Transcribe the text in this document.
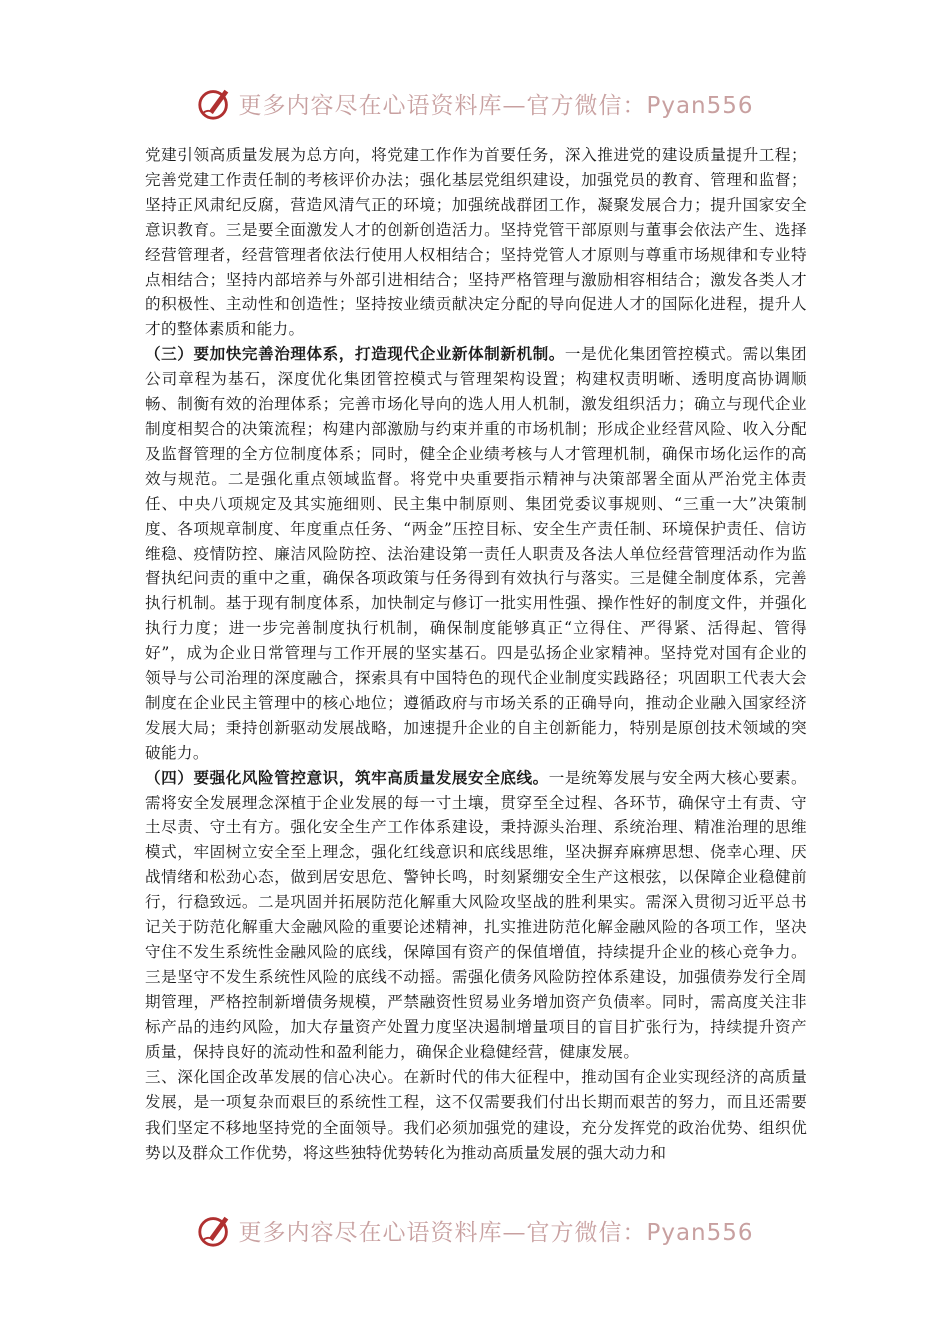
更多内容尽在心语资料库—官方微信：Pyan556

党建引领高质量发展为总方向，将党建工作作为首要任务，深入推进党的建设质量提升工程；完善党建工作责任制的考核评价办法；强化基层党组织建设，加强党员的教育、管理和监督；坚持正风肃纪反腐，营造风清气正的环境；加强统战群团工作，凝聚发展合力；提升国家安全意识教育。三是要全面激发人才的创新创造活力。坚持党管干部原则与董事会依法产生、选择经营管理者，经营管理者依法行使用人权相结合；坚持党管人才原则与尊重市场规律和专业特点相结合；坚持内部培养与外部引进相结合；坚持严格管理与激励相容相结合；激发各类人才的积极性、主动性和创造性；坚持按业绩贡献决定分配的导向促进人才的国际化进程，提升人才的整体素质和能力。

（三）要加快完善治理体系，打造现代企业新体制新机制。一是优化集团管控模式。需以集团公司章程为基石，深度优化集团管控模式与管理架构设置；构建权责明晰、透明度高协调顺畅、制衡有效的治理体系；完善市场化导向的选人用人机制，激发组织活力；确立与现代企业制度相契合的决策流程；构建内部激励与约束并重的市场机制；形成企业经营风险、收入分配及监督管理的全方位制度体系；同时，健全企业绩考核与人才管理机制，确保市场化运作的高效与规范。二是强化重点领域监督。将党中央重要指示精神与决策部署全面从严治党主体责任、中央八项规定及其实施细则、民主集中制原则、集团党委议事规则、“三重一大”决策制度、各项规章制度、年度重点任务、“两金”压控目标、安全生产责任制、环境保护责任、信访维稳、疫情防控、廉洁风险防控、法治建设第一责任人职责及各法人单位经营管理活动作为监督执纪问责的重中之重，确保各项政策与任务得到有效执行与落实。三是健全制度体系，完善执行机制。基于现有制度体系，加快制定与修订一批实用性强、操作性好的制度文件，并强化执行力度；进一步完善制度执行机制，确保制度能够真正“立得住、严得紧、活得起、管得好”，成为企业日常管理与工作开展的坚实基石。四是弘扬企业家精神。坚持党对国有企业的领导与公司治理的深度融合，探索具有中国特色的现代企业制度实践路径；巩固职工代表大会制度在企业民主管理中的核心地位；遵循政府与市场关系的正确导向，推动企业融入国家经济发展大局；秉持创新驱动发展战略，加速提升企业的自主创新能力，特别是原创技术领域的突破能力。

（四）要强化风险管控意识，筑牢高质量发展安全底线。一是统筹发展与安全两大核心要素。需将安全发展理念深植于企业发展的每一寸土壤，贯穿至全过程、各环节，确保守土有责、守土尽责、守土有方。强化安全生产工作体系建设，秉持源头治理、系统治理、精准治理的思维模式，牢固树立安全至上理念，强化红线意识和底线思维，坚决摒弃麻痹思想、侥幸心理、厌战情绪和松劲心态，做到居安思危、警钟长鸣，时刻紧绷安全生产这根弦，以保障企业稳健前行，行稳致远。二是巩固并拓展防范化解重大风险攻坚战的胜利果实。需深入贯彻习近平总书记关于防范化解重大金融风险的重要论述精神，扎实推进防范化解金融风险的各项工作，坚决守住不发生系统性金融风险的底线，保障国有资产的保值增值，持续提升企业的核心竞争力。三是坚守不发生系统性风险的底线不动摇。需强化债务风险防控体系建设，加强债券发行全周期管理，严格控制新增债务规模，严禁融资性贸易业务增加资产负债率。同时，需高度关注非标产品的违约风险，加大存量资产处置力度坚决遏制增量项目的盲目扩张行为，持续提升资产质量，保持良好的流动性和盈利能力，确保企业稳健经营，健康发展。

三、深化国企改革发展的信心决心。在新时代的伟大征程中，推动国有企业实现经济的高质量发展，是一项复杂而艰巨的系统性工程，这不仅需要我们付出长期而艰苦的努力，而且还需要我们坚定不移地坚持党的全面领导。我们必须加强党的建设，充分发挥党的政治优势、组织优势以及群众工作优势，将这些独特优势转化为推动高质量发展的强大动力和

更多内容尽在心语资料库—官方微信：Pyan556
